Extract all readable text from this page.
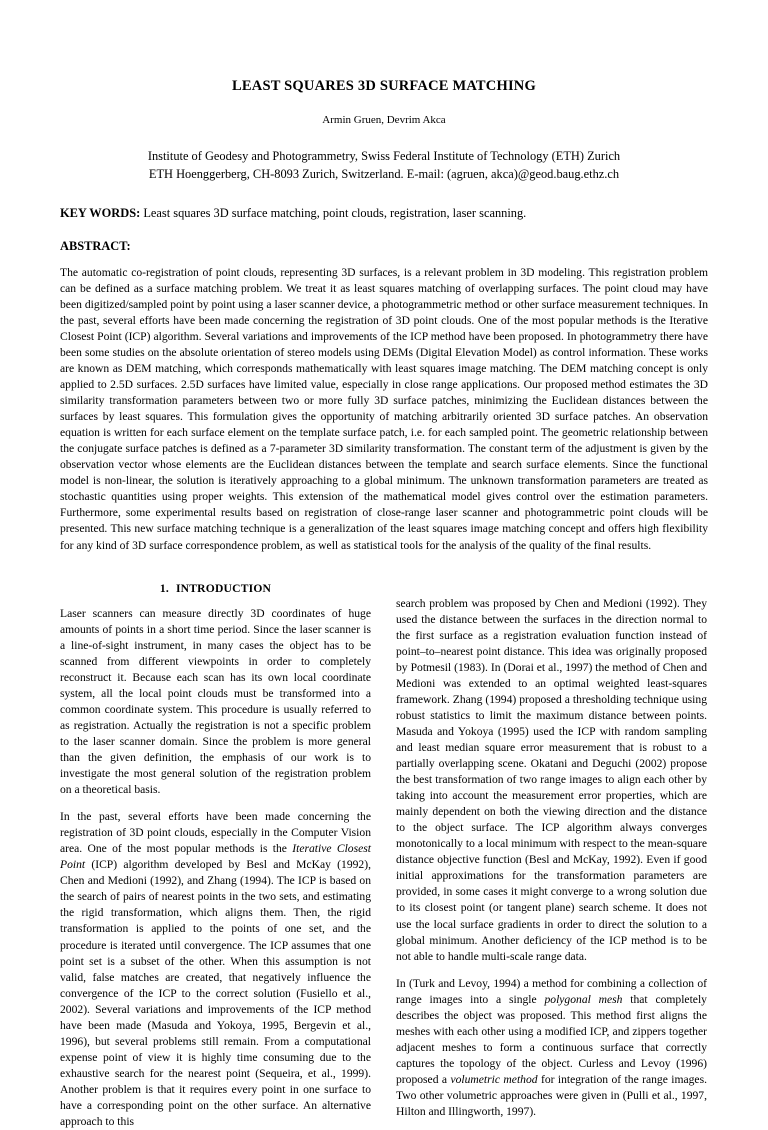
LEAST SQUARES 3D SURFACE MATCHING
Armin Gruen, Devrim Akca
Institute of Geodesy and Photogrammetry, Swiss Federal Institute of Technology (ETH) Zurich
ETH Hoenggerberg, CH-8093 Zurich, Switzerland. E-mail: (agruen, akca)@geod.baug.ethz.ch
KEY WORDS: Least squares 3D surface matching, point clouds, registration, laser scanning.
ABSTRACT:
The automatic co-registration of point clouds, representing 3D surfaces, is a relevant problem in 3D modeling. This registration problem can be defined as a surface matching problem. We treat it as least squares matching of overlapping surfaces. The point cloud may have been digitized/sampled point by point using a laser scanner device, a photogrammetric method or other surface measurement techniques. In the past, several efforts have been made concerning the registration of 3D point clouds. One of the most popular methods is the Iterative Closest Point (ICP) algorithm. Several variations and improvements of the ICP method have been proposed. In photogrammetry there have been some studies on the absolute orientation of stereo models using DEMs (Digital Elevation Model) as control information. These works are known as DEM matching, which corresponds mathematically with least squares image matching. The DEM matching concept is only applied to 2.5D surfaces. 2.5D surfaces have limited value, especially in close range applications. Our proposed method estimates the 3D similarity transformation parameters between two or more fully 3D surface patches, minimizing the Euclidean distances between the surfaces by least squares. This formulation gives the opportunity of matching arbitrarily oriented 3D surface patches. An observation equation is written for each surface element on the template surface patch, i.e. for each sampled point. The geometric relationship between the conjugate surface patches is defined as a 7-parameter 3D similarity transformation. The constant term of the adjustment is given by the observation vector whose elements are the Euclidean distances between the template and search surface elements. Since the functional model is non-linear, the solution is iteratively approaching to a global minimum. The unknown transformation parameters are treated as stochastic quantities using proper weights. This extension of the mathematical model gives control over the estimation parameters. Furthermore, some experimental results based on registration of close-range laser scanner and photogrammetric point clouds will be presented. This new surface matching technique is a generalization of the least squares image matching concept and offers high flexibility for any kind of 3D surface correspondence problem, as well as statistical tools for the analysis of the quality of the final results.
1. INTRODUCTION

Laser scanners can measure directly 3D coordinates of huge amounts of points in a short time period. Since the laser scanner is a line-of-sight instrument, in many cases the object has to be scanned from different viewpoints in order to completely reconstruct it. Because each scan has its own local coordinate system, all the local point clouds must be transformed into a common coordinate system. This procedure is usually referred to as registration. Actually the registration is not a specific problem to the laser scanner domain. Since the problem is more general than the given definition, the emphasis of our work is to investigate the most general solution of the registration problem on a theoretical basis.

In the past, several efforts have been made concerning the registration of 3D point clouds, especially in the Computer Vision area. One of the most popular methods is the Iterative Closest Point (ICP) algorithm developed by Besl and McKay (1992), Chen and Medioni (1992), and Zhang (1994). The ICP is based on the search of pairs of nearest points in the two sets, and estimating the rigid transformation, which aligns them. Then, the rigid transformation is applied to the points of one set, and the procedure is iterated until convergence. The ICP assumes that one point set is a subset of the other. When this assumption is not valid, false matches are created, that negatively influence the convergence of the ICP to the correct solution (Fusiello et al., 2002). Several variations and improvements of the ICP method have been made (Masuda and Yokoya, 1995, Bergevin et al., 1996), but several problems still remain. From a computational expense point of view it is highly time consuming due to the exhaustive search for the nearest point (Sequeira, et al., 1999). Another problem is that it requires every point in one surface to have a corresponding point on the other surface. An alternative approach to this

search problem was proposed by Chen and Medioni (1992). They used the distance between the surfaces in the direction normal to the first surface as a registration evaluation function instead of point–to–nearest point distance. This idea was originally proposed by Potmesil (1983). In (Dorai et al., 1997) the method of Chen and Medioni was extended to an optimal weighted least-squares framework. Zhang (1994) proposed a thresholding technique using robust statistics to limit the maximum distance between points. Masuda and Yokoya (1995) used the ICP with random sampling and least median square error measurement that is robust to a partially overlapping scene. Okatani and Deguchi (2002) propose the best transformation of two range images to align each other by taking into account the measurement error properties, which are mainly dependent on both the viewing direction and the distance to the object surface. The ICP algorithm always converges monotonically to a local minimum with respect to the mean-square distance objective function (Besl and McKay, 1992). Even if good initial approximations for the transformation parameters are provided, in some cases it might converge to a wrong solution due to its closest point (or tangent plane) search scheme. It does not use the local surface gradients in order to direct the solution to a global minimum. Another deficiency of the ICP method is to be not able to handle multi-scale range data.

In (Turk and Levoy, 1994) a method for combining a collection of range images into a single polygonal mesh that completely describes the object was proposed. This method first aligns the meshes with each other using a modified ICP, and zippers together adjacent meshes to form a continuous surface that correctly captures the topology of the object. Curless and Levoy (1996) proposed a volumetric method for integration of the range images. Two other volumetric approaches were given in (Pulli et al., 1997, Hilton and Illingworth, 1997).
